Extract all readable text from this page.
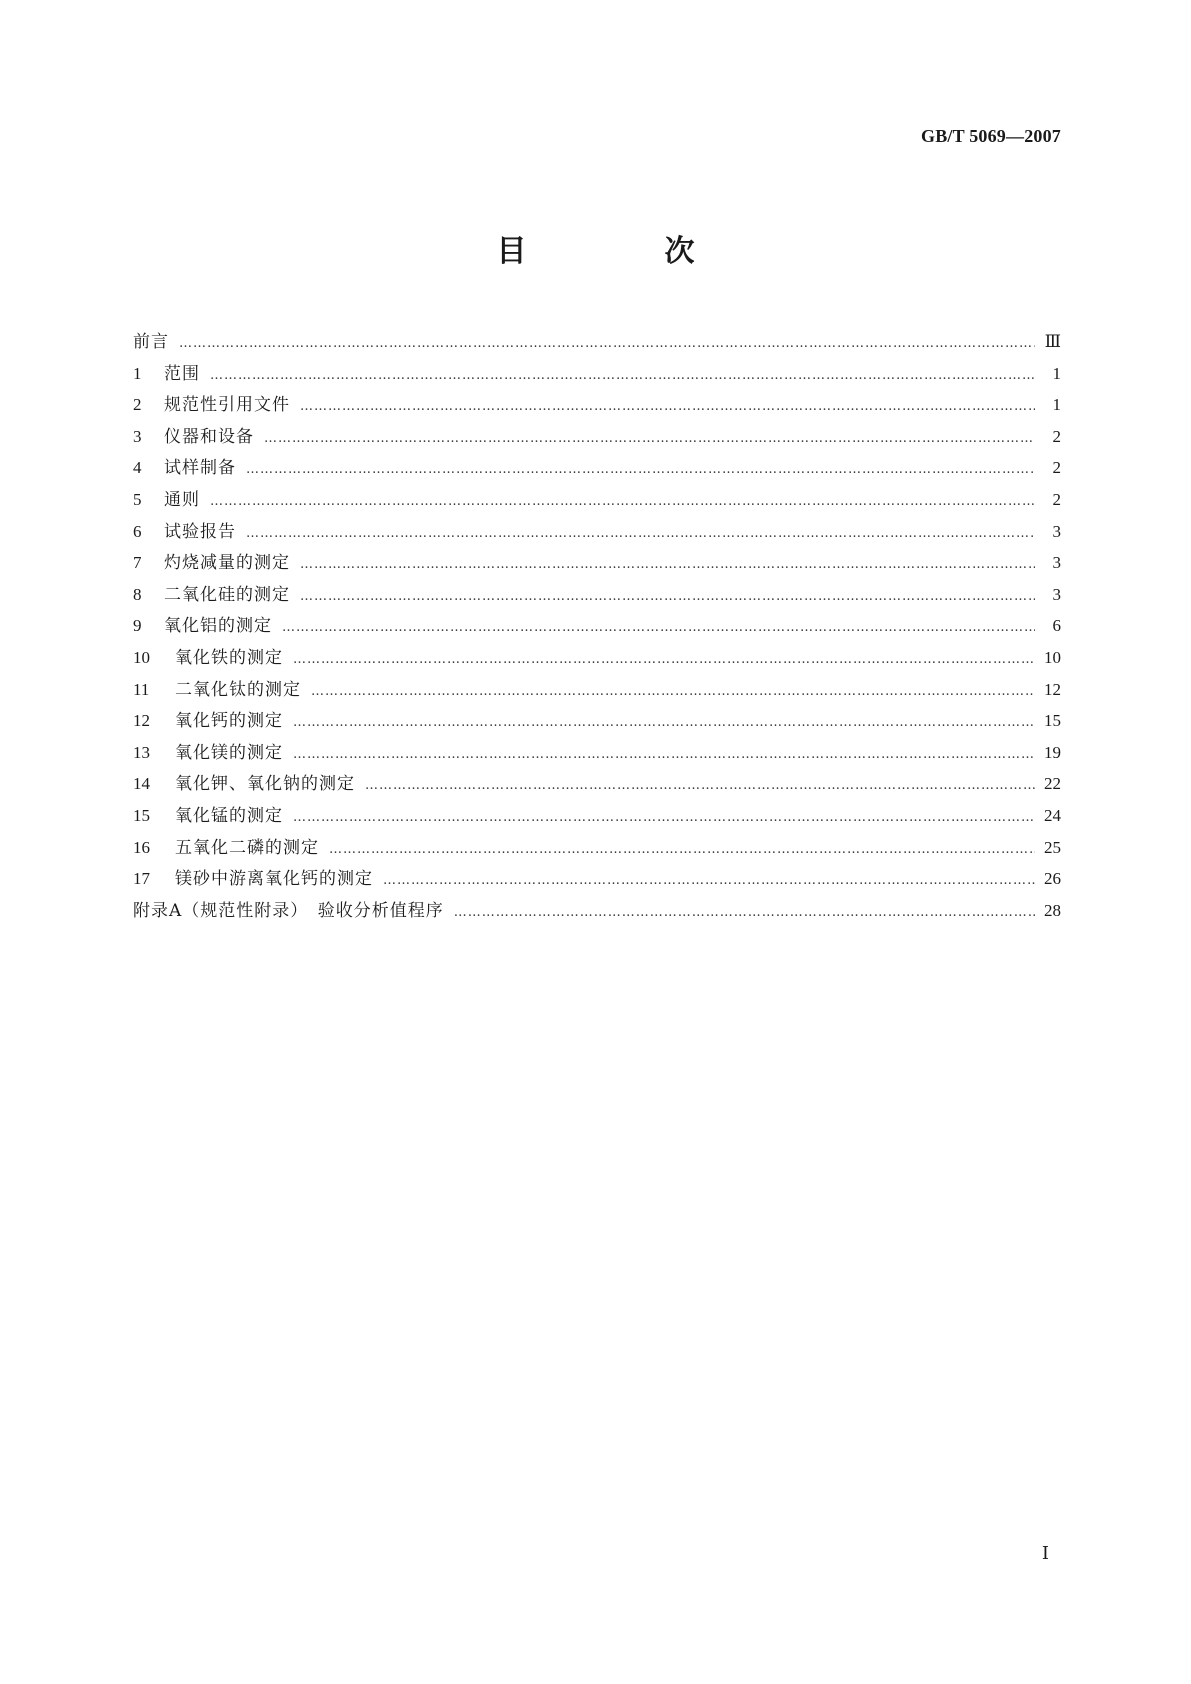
GB/T 5069—2007
目　次
前言 …………………………………………………………………………………………………………………………………………………………………………………………………………	Ⅲ
1	范围 …………………………………………………………………………………………………………………………………………………………………………………………………………	1
2	规范性引用文件 …………………………………………………………………………………………………………………………………………………………………………………………………………	1
3	仪器和设备 …………………………………………………………………………………………………………………………………………………………………………………………………………	2
4	试样制备 …………………………………………………………………………………………………………………………………………………………………………………………………………	2
5	通则 …………………………………………………………………………………………………………………………………………………………………………………………………………	2
6	试验报告 …………………………………………………………………………………………………………………………………………………………………………………………………………	3
7	灼烧减量的测定 …………………………………………………………………………………………………………………………………………………………………………………………………………	3
8	二氧化硅的测定 …………………………………………………………………………………………………………………………………………………………………………………………………………	3
9	氧化铝的测定 …………………………………………………………………………………………………………………………………………………………………………………………………………	6
10	氧化铁的测定 …………………………………………………………………………………………………………………………………………………………………………………………………………	10
11	二氧化钛的测定 …………………………………………………………………………………………………………………………………………………………………………………………………………	12
12	氧化钙的测定 …………………………………………………………………………………………………………………………………………………………………………………………………………	15
13	氧化镁的测定 …………………………………………………………………………………………………………………………………………………………………………………………………………	19
14	氧化钾、氧化钠的测定 …………………………………………………………………………………………………………………………………………………………………………………………………………	22
15	氧化锰的测定 …………………………………………………………………………………………………………………………………………………………………………………………………………	24
16	五氧化二磷的测定 …………………………………………………………………………………………………………………………………………………………………………………………………………	25
17	镁砂中游离氧化钙的测定 …………………………………………………………………………………………………………………………………………………………………………………………………………	26
附录A（规范性附录）　验收分析值程序 …………………………………………………………………………………………………………………………………………………………………………………………………………	28
Ⅰ
